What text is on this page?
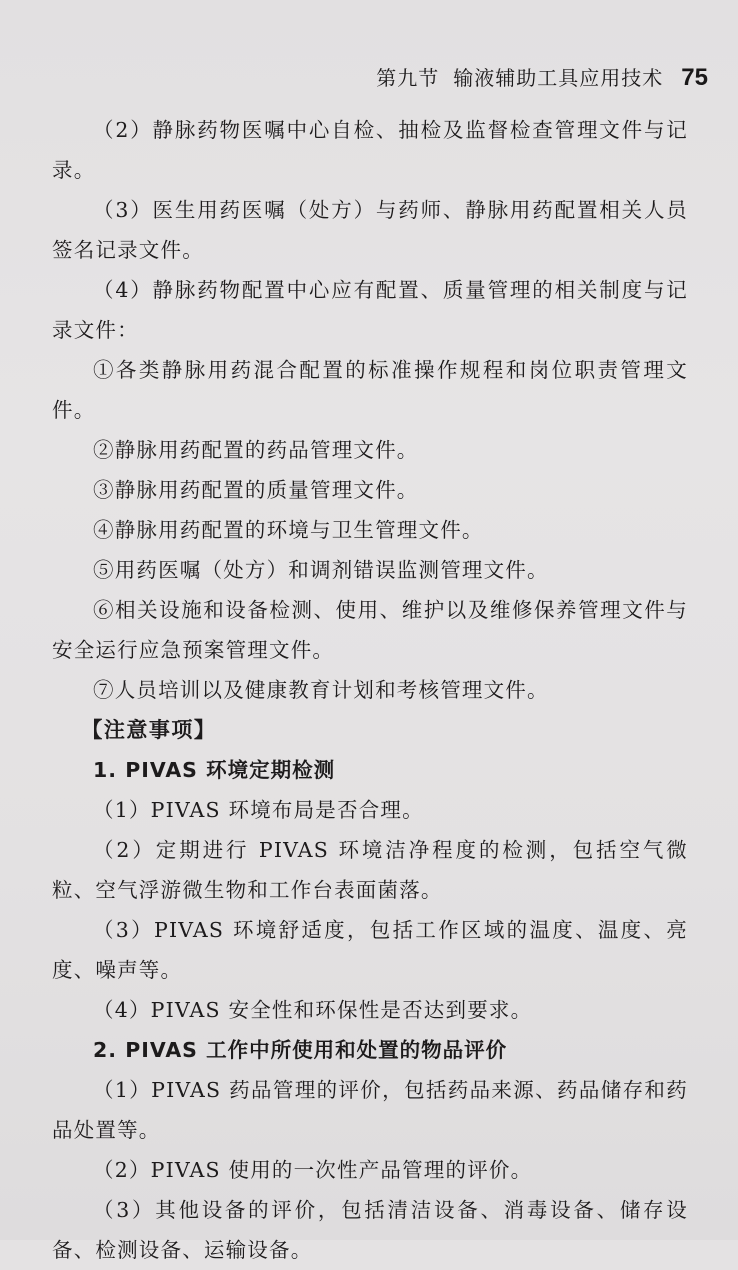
第九节 输液辅助工具应用技术 75

（2）静脉药物医嘱中心自检、抽检及监督检查管理文件与记录。

（3）医生用药医嘱（处方）与药师、静脉用药配置相关人员签名记录文件。

（4）静脉药物配置中心应有配置、质量管理的相关制度与记录文件：

①各类静脉用药混合配置的标准操作规程和岗位职责管理文件。

②静脉用药配置的药品管理文件。

③静脉用药配置的质量管理文件。

④静脉用药配置的环境与卫生管理文件。

⑤用药医嘱（处方）和调剂错误监测管理文件。

⑥相关设施和设备检测、使用、维护以及维修保养管理文件与安全运行应急预案管理文件。

⑦人员培训以及健康教育计划和考核管理文件。

【注意事项】

1. PIVAS 环境定期检测

（1）PIVAS 环境布局是否合理。

（2）定期进行 PIVAS 环境洁净程度的检测，包括空气微粒、空气浮游微生物和工作台表面菌落。

（3）PIVAS 环境舒适度，包括工作区域的温度、温度、亮度、噪声等。

（4）PIVAS 安全性和环保性是否达到要求。

2. PIVAS 工作中所使用和处置的物品评价

（1）PIVAS 药品管理的评价，包括药品来源、药品储存和药品处置等。

（2）PIVAS 使用的一次性产品管理的评价。

（3）其他设备的评价，包括清洁设备、消毒设备、储存设备、检测设备、运输设备。
